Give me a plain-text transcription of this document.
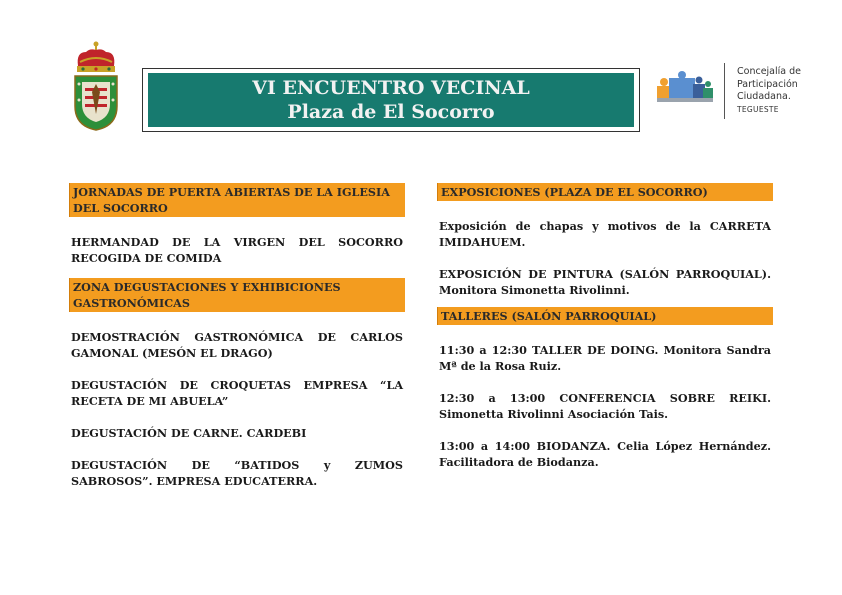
VI ENCUENTRO VECINAL
Plaza de El Socorro
Concejalía de
Participación
Ciudadana.
TEGUESTE
JORNADAS DE PUERTA ABIERTAS DE LA IGLESIA DEL SOCORRO
HERMANDAD DE LA VIRGEN DEL SOCORRO RECOGIDA DE COMIDA
ZONA DEGUSTACIONES Y EXHIBICIONES GASTRONÓMICAS
DEMOSTRACIÓN GASTRONÓMICA DE CARLOS GAMONAL (MESÓN EL DRAGO)
DEGUSTACIÓN DE CROQUETAS EMPRESA “LA RECETA DE MI ABUELA”
DEGUSTACIÓN DE CARNE. CARDEBI
DEGUSTACIÓN DE “BATIDOS y ZUMOS SABROSOS”. EMPRESA EDUCATERRA.
EXPOSICIONES (PLAZA DE EL SOCORRO)
Exposición de chapas y motivos de la CARRETA IMIDAHUEM.
EXPOSICIÓN DE PINTURA (SALÓN PARROQUIAL). Monitora Simonetta Rivolinni.
TALLERES (SALÓN PARROQUIAL)
11:30 a 12:30 TALLER DE DOING. Monitora Sandra Mª de la Rosa Ruiz.
12:30 a 13:00 CONFERENCIA SOBRE REIKI. Simonetta Rivolinni Asociación Tais.
13:00 a 14:00 BIODANZA. Celia López Hernández. Facilitadora de Biodanza.
